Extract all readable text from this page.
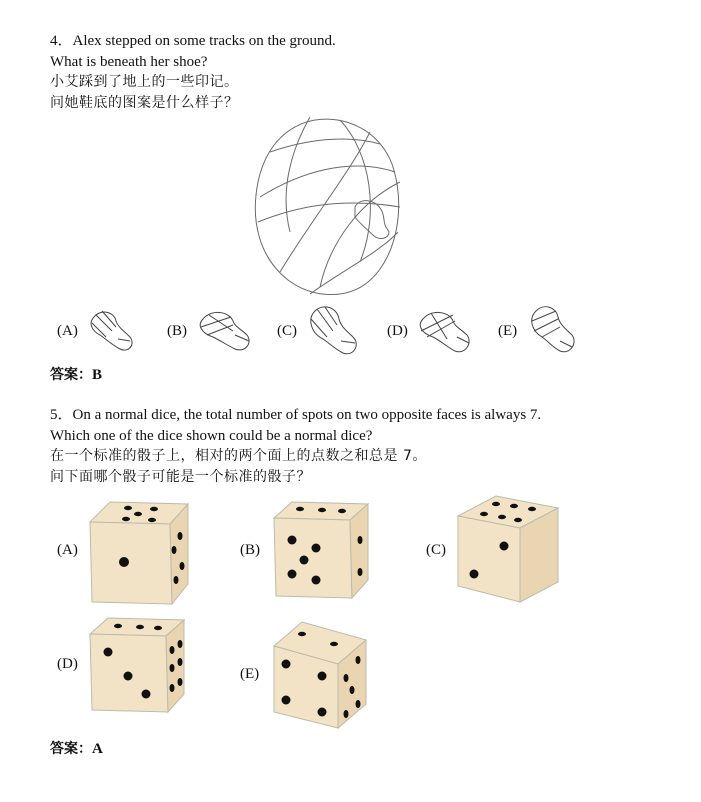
4．Alex stepped on some tracks on the ground.
What is beneath her shoe?
小艾踩到了地上的一些印记。
问她鞋底的图案是什么样子？
(A)	(B)	(C)	(D)	(E)
答案：B
5．On a normal dice, the total number of spots on two opposite faces is always 7.
Which one of the dice shown could be a normal dice?
在一个标准的骰子上，相对的两个面上的点数之和总是 7。
问下面哪个骰子可能是一个标准的骰子？
(A)	(B)	(C)
(D)
(E)
答案：A
